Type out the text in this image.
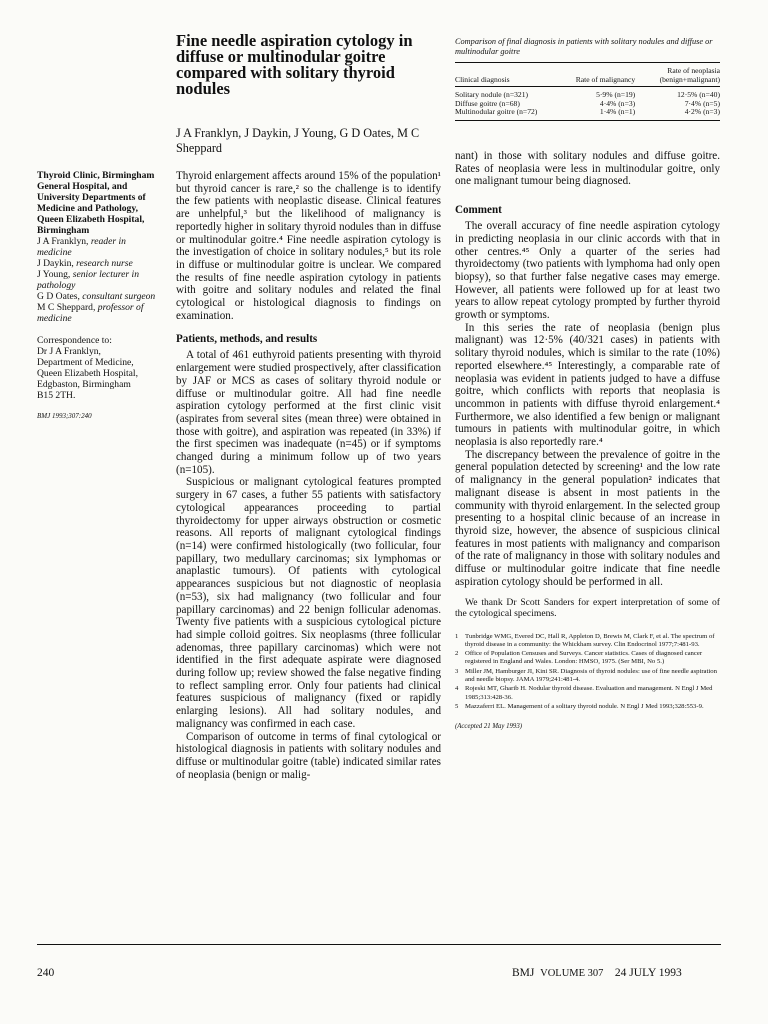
Fine needle aspiration cytology in diffuse or multinodular goitre compared with solitary thyroid nodules

J A Franklyn, J Daykin, J Young, G D Oates, M C Sheppard

Thyroid Clinic, Birmingham General Hospital, and University Departments of Medicine and Pathology, Queen Elizabeth Hospital, Birmingham
J A Franklyn, reader in medicine
J Daykin, research nurse
J Young, senior lecturer in pathology
G D Oates, consultant surgeon
M C Sheppard, professor of medicine
Correspondence to:
Dr J A Franklyn,
Department of Medicine,
Queen Elizabeth Hospital,
Edgbaston, Birmingham
B15 2TH.
BMJ 1993;307:240
Comparison of final diagnosis in patients with solitary nodules and diffuse or multinodular goitre
Clinical diagnosis	Rate of malignancy	Rate of neoplasia (benign+malignant)
Solitary nodule (n=321)	5·9% (n=19)	12·5% (n=40)
Diffuse goitre (n=68)	4·4% (n=3)	7·4% (n=5)
Multinodular goitre (n=72)	1·4% (n=1)	4·2% (n=3)

Thyroid enlargement affects around 15% of the population¹ but thyroid cancer is rare,² so the challenge is to identify the few patients with neoplastic disease. Clinical features are unhelpful,³ but the likelihood of malignancy is reportedly higher in solitary thyroid nodules than in diffuse or multinodular goitre.⁴ Fine needle aspiration cytology is the investigation of choice in solitary nodules,⁵ but its role in diffuse or multinodular goitre is unclear. We compared the results of fine needle aspiration cytology in patients with goitre and solitary nodules and related the final cytological or histological diagnosis to findings on examination.

Patients, methods, and results

A total of 461 euthyroid patients presenting with thyroid enlargement were studied prospectively, after classification by JAF or MCS as cases of solitary thyroid nodule or diffuse or multinodular goitre. All had fine needle aspiration cytology performed at the first clinic visit (aspirates from several sites (mean three) were obtained in those with goitre), and aspiration was repeated (in 33%) if the first specimen was inadequate (n=45) or if symptoms changed during a minimum follow up of two years (n=105).

Suspicious or malignant cytological features prompted surgery in 67 cases, a futher 55 patients with satisfactory cytological appearances proceeding to partial thyroidectomy for upper airways obstruction or cosmetic reasons. All reports of malignant cytological findings (n=14) were confirmed histologically (two follicular, four papillary, two medullary carcinomas; six lymphomas or anaplastic tumours). Of patients with cytological appearances suspicious but not diagnostic of neoplasia (n=53), six had malignancy (two follicular and four papillary carcinomas) and 22 benign follicular adenomas. Twenty five patients with a suspicious cytological picture had simple colloid goitres. Six neoplasms (three follicular adenomas, three papillary carcinomas) which were not identified in the first adequate aspirate were diagnosed during follow up; review showed the false negative finding to reflect sampling error. Only four patients had clinical features suspicious of malignancy (fixed or rapidly enlarging lesions). All had solitary nodules, and malignancy was confirmed in each case.

Comparison of outcome in terms of final cytological or histological diagnosis in patients with solitary nodules and diffuse or multinodular goitre (table) indicated similar rates of neoplasia (benign or malig-

nant) in those with solitary nodules and diffuse goitre. Rates of neoplasia were less in multinodular goitre, only one malignant tumour being diagnosed.

Comment

The overall accuracy of fine needle aspiration cytology in predicting neoplasia in our clinic accords with that in other centres.⁴⁵ Only a quarter of the series had thyroidectomy (two patients with lymphoma had only open biopsy), so that further false negative cases may emerge. However, all patients were followed up for at least two years to allow repeat cytology prompted by further thyroid growth or symptoms.

In this series the rate of neoplasia (benign plus malignant) was 12·5% (40/321 cases) in patients with solitary thyroid nodules, which is similar to the rate (10%) reported elsewhere.⁴⁵ Interestingly, a comparable rate of neoplasia was evident in patients judged to have a diffuse goitre, which conflicts with reports that neoplasia is uncommon in patients with diffuse thyroid enlargement.⁴ Furthermore, we also identified a few benign or malignant tumours in patients with multinodular goitre, in which neoplasia is also reportedly rare.⁴

The discrepancy between the prevalence of goitre in the general population detected by screening¹ and the low rate of malignancy in the general population² indicates that malignant disease is absent in most patients in the community with thyroid enlargement. In the selected group presenting to a hospital clinic because of an increase in thyroid size, however, the absence of suspicious clinical features in most patients with malignancy and comparison of the rate of malignancy in those with solitary nodules and diffuse or multinodular goitre indicate that fine needle aspiration cytology should be performed in all.

We thank Dr Scott Sanders for expert interpretation of some of the cytological specimens.

1 Tunbridge WMG, Evered DC, Hall R, Appleton D, Brewis M, Clark F, et al. The spectrum of thyroid disease in a community: the Whickham survey. Clin Endocrinol 1977;7:481-93.
2 Office of Population Censuses and Surveys. Cancer statistics. Cases of diagnosed cancer registered in England and Wales. London: HMSO, 1975. (Ser MBI, No 5.)
3 Miller JM, Hamburger JI, Kini SR. Diagnosis of thyroid nodules: use of fine needle aspiration and needle biopsy. JAMA 1979;241:481-4.
4 Rojeski MT, Gharib H. Nodular thyroid disease. Evaluation and management. N Engl J Med 1985;313:428-36.
5 Mazzaferri EL. Management of a solitary thyroid nodule. N Engl J Med 1993;328:553-9.
(Accepted 21 May 1993)
240	BMJ VOLUME 307 24 JULY 1993
